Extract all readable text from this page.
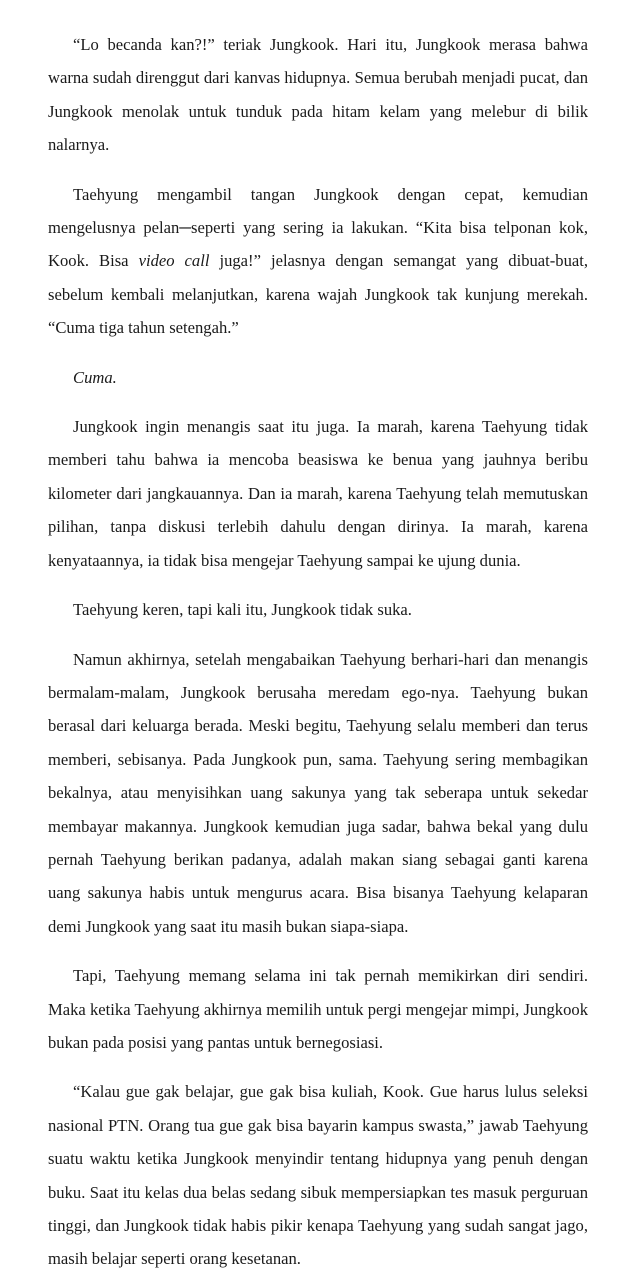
“Lo becanda kan?!” teriak Jungkook. Hari itu, Jungkook merasa bahwa warna sudah direnggut dari kanvas hidupnya. Semua berubah menjadi pucat, dan Jungkook menolak untuk tunduk pada hitam kelam yang melebur di bilik nalarnya.

Taehyung mengambil tangan Jungkook dengan cepat, kemudian mengelusnya pelan─seperti yang sering ia lakukan. “Kita bisa telponan kok, Kook. Bisa video call juga!” jelasnya dengan semangat yang dibuat-buat, sebelum kembali melanjutkan, karena wajah Jungkook tak kunjung merekah. “Cuma tiga tahun setengah.”

Cuma.

Jungkook ingin menangis saat itu juga. Ia marah, karena Taehyung tidak memberi tahu bahwa ia mencoba beasiswa ke benua yang jauhnya beribu kilometer dari jangkauannya. Dan ia marah, karena Taehyung telah memutuskan pilihan, tanpa diskusi terlebih dahulu dengan dirinya. Ia marah, karena kenyataannya, ia tidak bisa mengejar Taehyung sampai ke ujung dunia.

Taehyung keren, tapi kali itu, Jungkook tidak suka.

Namun akhirnya, setelah mengabaikan Taehyung berhari-hari dan menangis bermalam-malam, Jungkook berusaha meredam ego-nya. Taehyung bukan berasal dari keluarga berada. Meski begitu, Taehyung selalu memberi dan terus memberi, sebisanya. Pada Jungkook pun, sama. Taehyung sering membagikan bekalnya, atau menyisihkan uang sakunya yang tak seberapa untuk sekedar membayar makannya. Jungkook kemudian juga sadar, bahwa bekal yang dulu pernah Taehyung berikan padanya, adalah makan siang sebagai ganti karena uang sakunya habis untuk mengurus acara. Bisa bisanya Taehyung kelaparan demi Jungkook yang saat itu masih bukan siapa-siapa.

Tapi, Taehyung memang selama ini tak pernah memikirkan diri sendiri. Maka ketika Taehyung akhirnya memilih untuk pergi mengejar mimpi, Jungkook bukan pada posisi yang pantas untuk bernegosiasi.

“Kalau gue gak belajar, gue gak bisa kuliah, Kook. Gue harus lulus seleksi nasional PTN. Orang tua gue gak bisa bayarin kampus swasta,” jawab Taehyung suatu waktu ketika Jungkook menyindir tentang hidupnya yang penuh dengan buku. Saat itu kelas dua belas sedang sibuk mempersiapkan tes masuk perguruan tinggi, dan Jungkook tidak habis pikir kenapa Taehyung yang sudah sangat jago, masih belajar seperti orang kesetanan.
